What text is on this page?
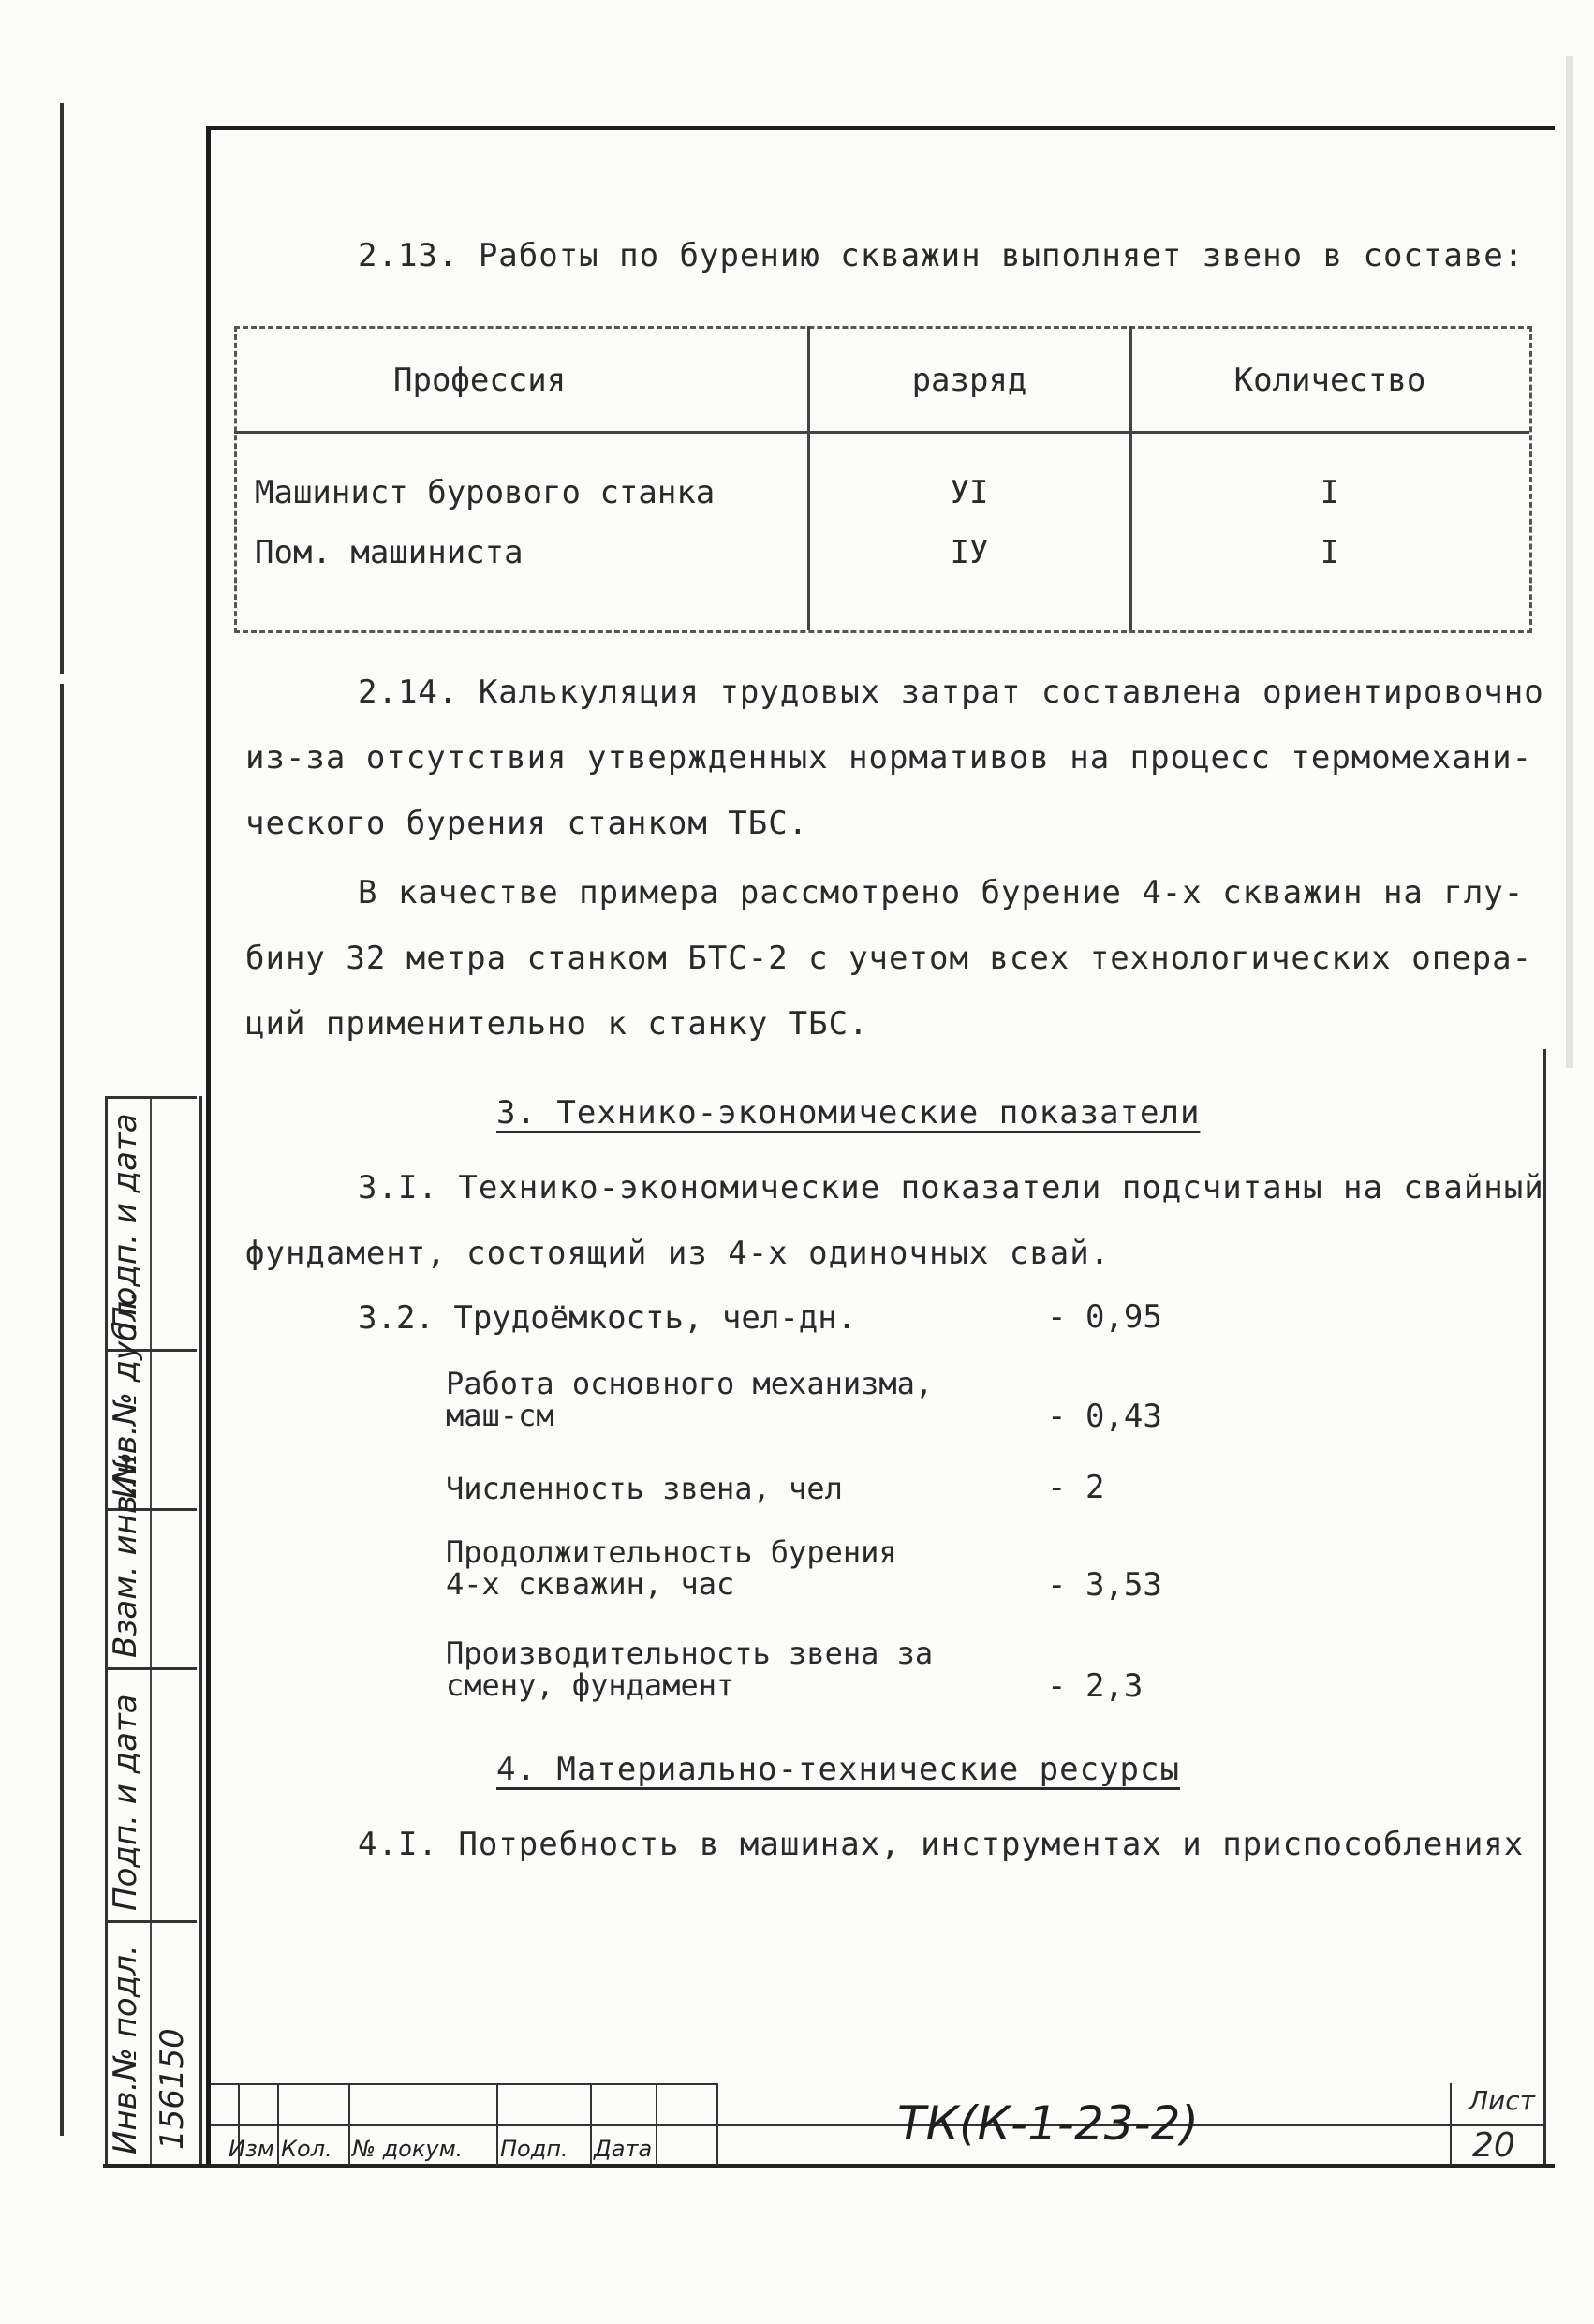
2.13. Работы по бурению скважин выполняет звено в составе:
Профессия	разряд	Количество
Машинист бурового станка	УI	I
Пом. машиниста	IУ	I
2.14. Калькуляция трудовых затрат составлена ориентировочно
из-за отсутствия утвержденных нормативов на процесс термомехани-
ческого бурения станком ТБС.
В качестве примера рассмотрено бурение 4-х скважин на глу-
бину 32 метра станком БТС-2 с учетом всех технологических опера-
ций применительно к станку ТБС.
3. Технико-экономические показатели
3.I. Технико-экономические показатели подсчитаны на свайный
фундамент, состоящий из 4-х одиночных свай.
3.2. Трудоёмкость, чел-дн.	- 0,95
Работа основного механизма,
маш-см	- 0,43
Численность звена, чел	- 2
Продолжительность бурения
4-х скважин, час	- 3,53
Производительность звена за
смену, фундамент	- 2,3
4. Материально-технические ресурсы
4.I. Потребность в машинах, инструментах и приспособлениях
Подп. и дата
Инв.№ дубл.
Взам. инв.№
Подп. и дата
Инв.№ подл. 156150 Изм Кол. № докум. Подп. Дата	ТК(К-1-23-2)	Лист
20
